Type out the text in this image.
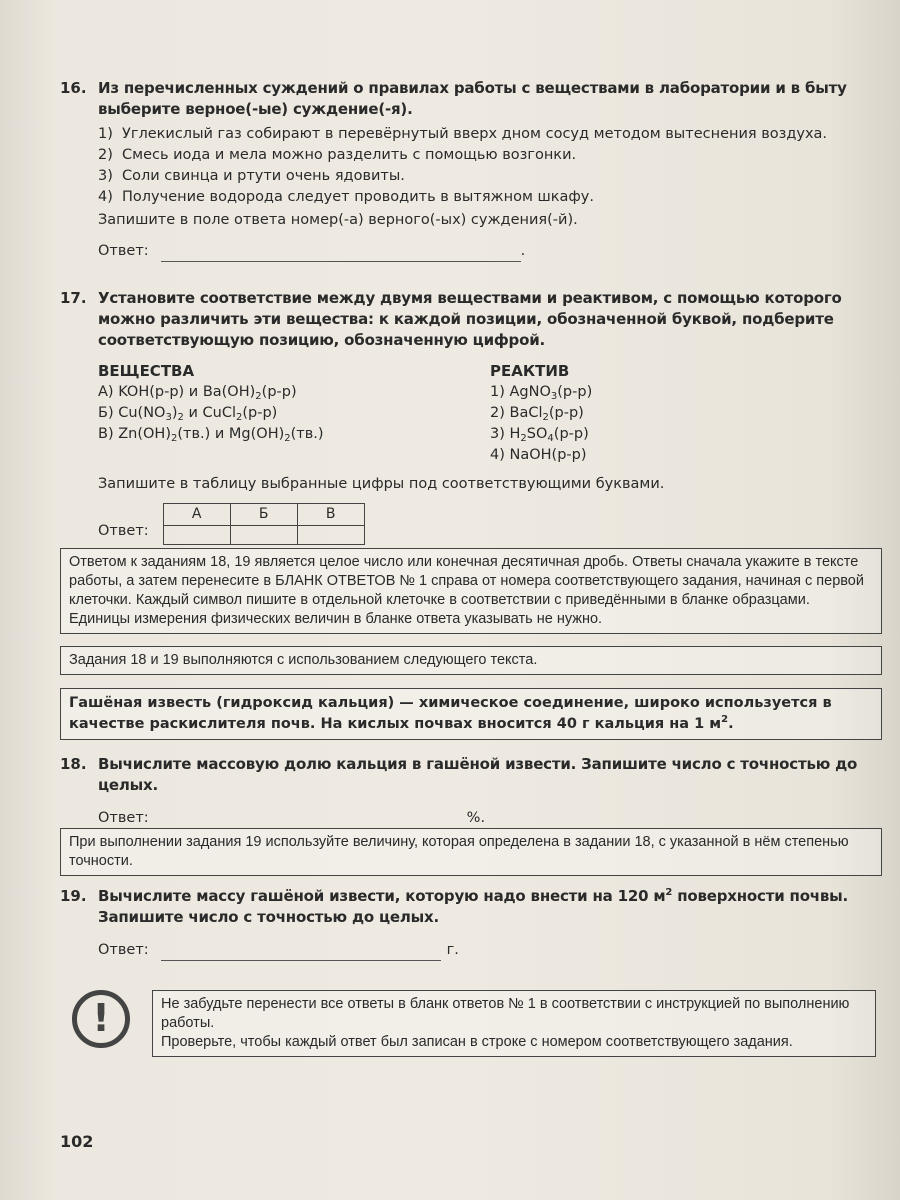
16. Из перечисленных суждений о правилах работы с веществами в лаборатории и в быту выберите верное(-ые) суждение(-я).
1) Углекислый газ собирают в перевёрнутый вверх дном сосуд методом вытеснения воздуха.
2) Смесь иода и мела можно разделить с помощью возгонки.
3) Соли свинца и ртути очень ядовиты.
4) Получение водорода следует проводить в вытяжном шкафу.
Запишите в поле ответа номер(-а) верного(-ых) суждения(-й).
Ответ:	.
17. Установите соответствие между двумя веществами и реактивом, с помощью которого можно различить эти вещества: к каждой позиции, обозначенной буквой, подберите соответствующую позицию, обозначенную цифрой.
ВЕЩЕСТВА
А) KOH(р-р) и $Ba(OH)_2(р-р)$
Б) $Cu(NO_3)_2$ и CuCl$_2$(р-р)
В) $Zn(OH)_2(тв.)$ и $Mg(OH)_2(тв.)$
РЕАКТИВ
1) AgNO$_3$(р-р)
2) BaCl$_2$(р-р)
3) $H_2SO_4(р-р)$
4) NaOH(р-р)
Запишите в таблицу выбранные цифры под соответствующими буквами.
Ответ:
А	Б	В

Ответом к заданиям 18, 19 является целое число или конечная десятичная дробь. Ответы сначала укажите в тексте работы, а затем перенесите в БЛАНК ОТВЕТОВ № 1 справа от номера соответствующего задания, начиная с первой клеточки. Каждый символ пишите в отдельной клеточке в соответствии с приведёнными в бланке образцами. Единицы измерения физических величин в бланке ответа указывать не нужно.
Задания 18 и 19 выполняются с использованием следующего текста.
Гашёная известь (гидроксид кальция) — химическое соединение, широко используется в качестве раскислителя почв. На кислых почвах вносится 40 г кальция на 1 $м^2$.
18. Вычислите массовую долю кальция в гашёной извести. Запишите число с точностью до целых.
Ответ:	%.
При выполнении задания 19 используйте величину, которая определена в задании 18, с указанной в нём степенью точности.
19. Вычислите массу гашёной извести, которую надо внести на 120 $м^2$ поверхности почвы. Запишите число с точностью до целых.
Ответ:	г.
!	Не забудьте перенести все ответы в бланк ответов № 1 в соответствии с инструкцией по выполнению работы.
Проверьте, чтобы каждый ответ был записан в строке с номером соответствующего задания.
102
